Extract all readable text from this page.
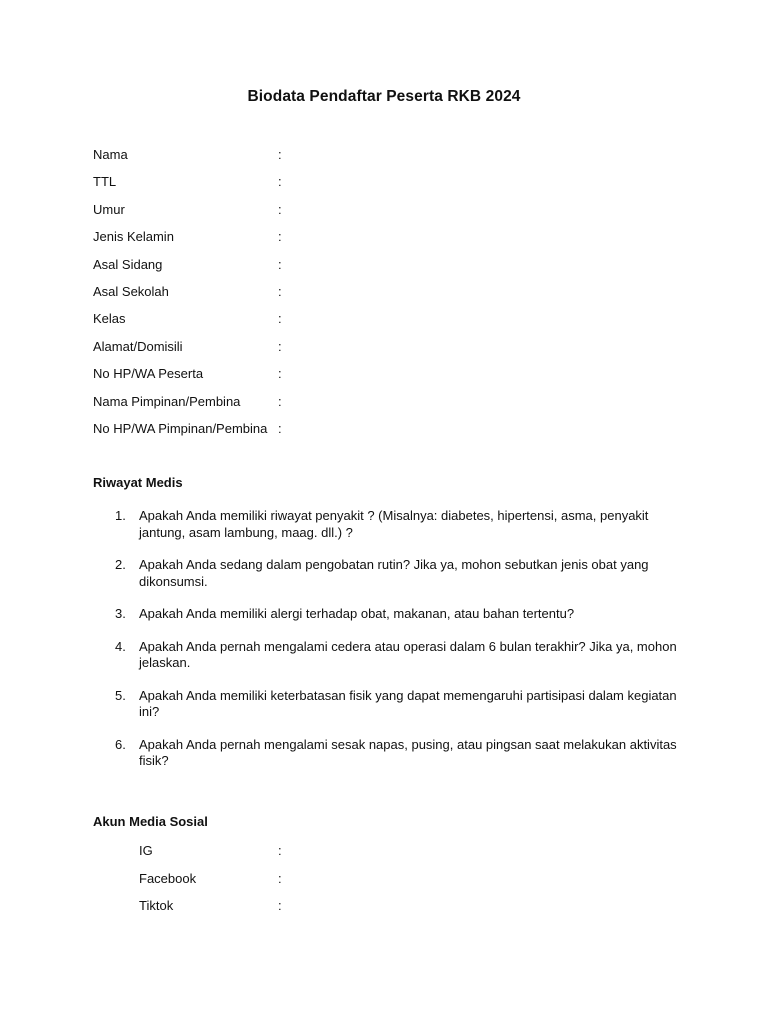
Biodata Pendaftar Peserta RKB 2024
Nama	:
TTL	:
Umur	:
Jenis Kelamin	:
Asal Sidang	:
Asal Sekolah	:
Kelas	:
Alamat/Domisili	:
No HP/WA Peserta	:
Nama Pimpinan/Pembina	:
No HP/WA Pimpinan/Pembina :
Riwayat Medis
1. Apakah Anda memiliki riwayat penyakit ? (Misalnya: diabetes, hipertensi, asma, penyakit jantung, asam lambung, maag. dll.) ?
2. Apakah Anda sedang dalam pengobatan rutin? Jika ya, mohon sebutkan jenis obat yang dikonsumsi.
3. Apakah Anda memiliki alergi terhadap obat, makanan, atau bahan tertentu?
4. Apakah Anda pernah mengalami cedera atau operasi dalam 6 bulan terakhir? Jika ya, mohon jelaskan.
5. Apakah Anda memiliki keterbatasan fisik yang dapat memengaruhi partisipasi dalam kegiatan ini?
6. Apakah Anda pernah mengalami sesak napas, pusing, atau pingsan saat melakukan aktivitas fisik?
Akun Media Sosial
IG	:
Facebook	:
Tiktok	:
